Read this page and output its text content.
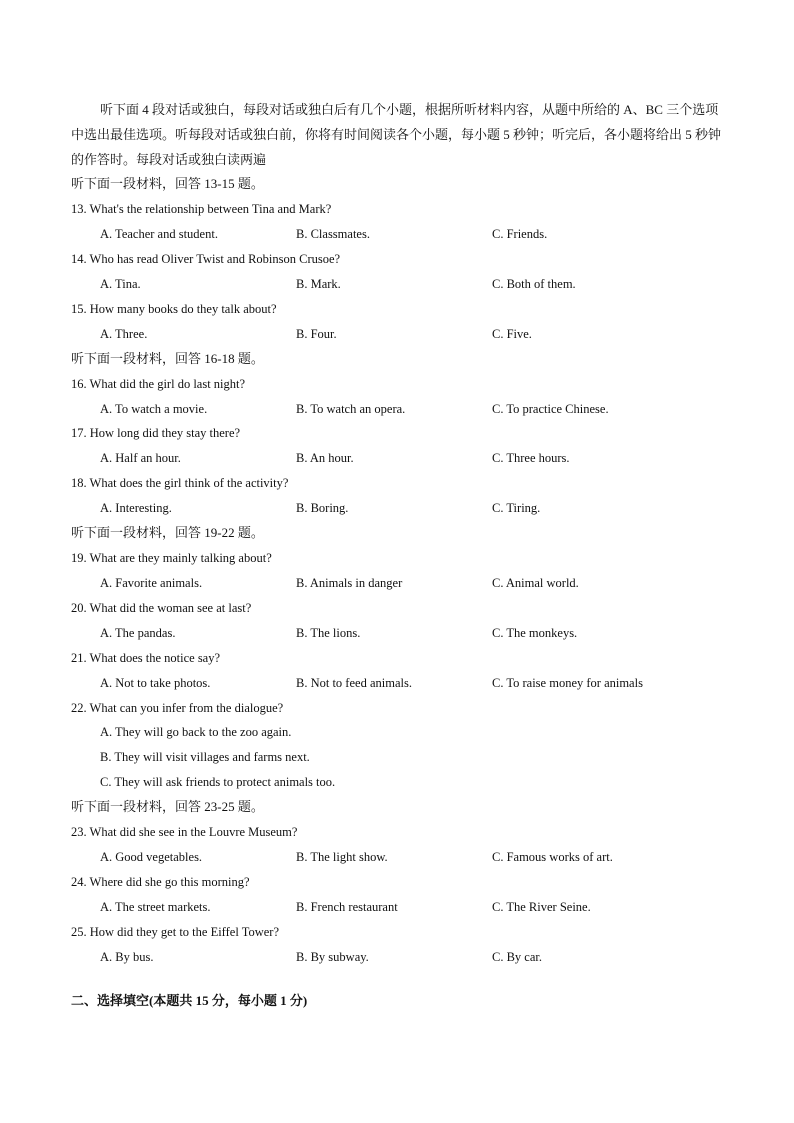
听下面 4 段对话或独白，每段对话或独白后有几个小题，根据所听材料内容，从题中所给的 A、BC 三个选项中选出最佳选项。听每段对话或独白前，你将有时间阅读各个小题，每小题 5 秒钟；听完后，各小题将给出 5 秒钟的作答时。每段对话或独白读两遍
听下面一段材料，回答 13-15 题。
13. What's the relationship between Tina and Mark?
A. Teacher and student.	B. Classmates.	C. Friends.
14. Who has read Oliver Twist and Robinson Crusoe?
A. Tina.	B. Mark.	C. Both of them.
15. How many books do they talk about?
A. Three.	B. Four.	C. Five.
听下面一段材料，回答 16-18 题。
16. What did the girl do last night?
A. To watch a movie.	B. To watch an opera.	C. To practice Chinese.
17. How long did they stay there?
A. Half an hour.	B. An hour.	C. Three hours.
18. What does the girl think of the activity?
A. Interesting.	B. Boring.	C. Tiring.
听下面一段材料，回答 19-22 题。
19. What are they mainly talking about?
A. Favorite animals.	B. Animals in danger	C. Animal world.
20. What did the woman see at last?
A. The pandas.	B. The lions.	C. The monkeys.
21. What does the notice say?
A. Not to take photos.	B. Not to feed animals.	C. To raise money for animals
22. What can you infer from the dialogue?
A. They will go back to the zoo again.
B. They will visit villages and farms next.
C. They will ask friends to protect animals too.
听下面一段材料，回答 23-25 题。
23. What did she see in the Louvre Museum?
A. Good vegetables.	B. The light show.	C. Famous works of art.
24. Where did she go this morning?
A. The street markets.	B. French restaurant	C. The River Seine.
25. How did they get to the Eiffel Tower?
A. By bus.	B. By subway.	C. By car.
二、选择填空(本题共 15 分，每小题 1 分)
